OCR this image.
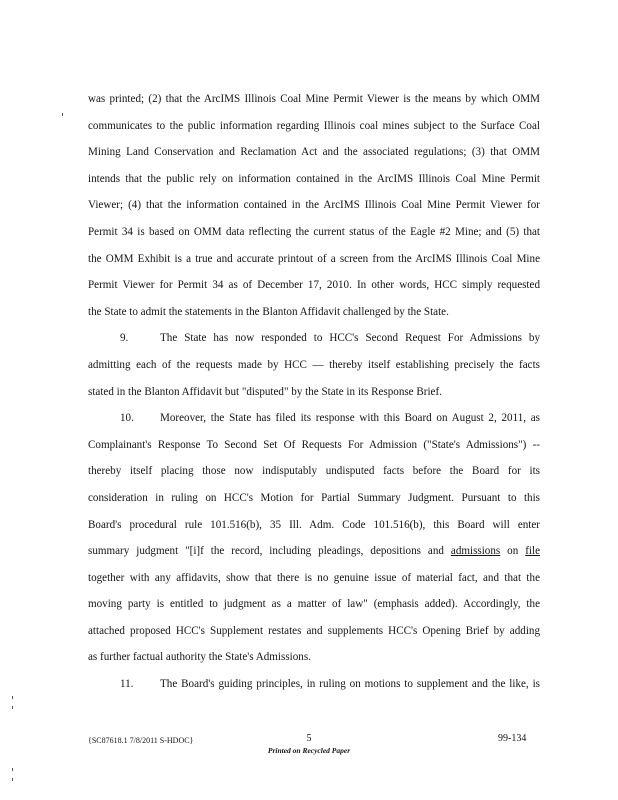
was printed; (2) that the ArcIMS Illinois Coal Mine Permit Viewer is the means by which OMM
communicates to the public information regarding Illinois coal mines subject to the Surface Coal
Mining Land Conservation and Reclamation Act and the associated regulations; (3) that OMM
intends that the public rely on information contained in the ArcIMS Illinois Coal Mine Permit
Viewer; (4) that the information contained in the ArcIMS Illinois Coal Mine Permit Viewer for
Permit 34 is based on OMM data reflecting the current status of the Eagle #2 Mine; and (5) that
the OMM Exhibit is a true and accurate printout of a screen from the ArcIMS Illinois Coal Mine
Permit Viewer for Permit 34 as of December 17, 2010. In other words, HCC simply requested
the State to admit the statements in the Blanton Affidavit challenged by the State.
9.	The State has now responded to HCC's Second Request For Admissions by
admitting each of the requests made by HCC — thereby itself establishing precisely the facts
stated in the Blanton Affidavit but "disputed" by the State in its Response Brief.
10. Moreover, the State has filed its response with this Board on August 2, 2011, as
Complainant's Response To Second Set Of Requests For Admission ("State's Admissions") --
thereby itself placing those now indisputably undisputed facts before the Board for its
consideration in ruling on HCC's Motion for Partial Summary Judgment. Pursuant to this
Board's procedural rule 101.516(b), 35 Ill. Adm. Code 101.516(b), this Board will enter
summary judgment "[i]f the record, including pleadings, depositions and admissions on file
together with any affidavits, show that there is no genuine issue of material fact, and that the
moving party is entitled to judgment as a matter of law" (emphasis added). Accordingly, the
attached proposed HCC's Supplement restates and supplements HCC's Opening Brief by adding
as further factual authority the State's Admissions.
11. The Board's guiding principles, in ruling on motions to supplement and the like, is
{SC87618.1 7/8/2011 S-HDOC}	5	99-134
Printed on Recycled Paper
